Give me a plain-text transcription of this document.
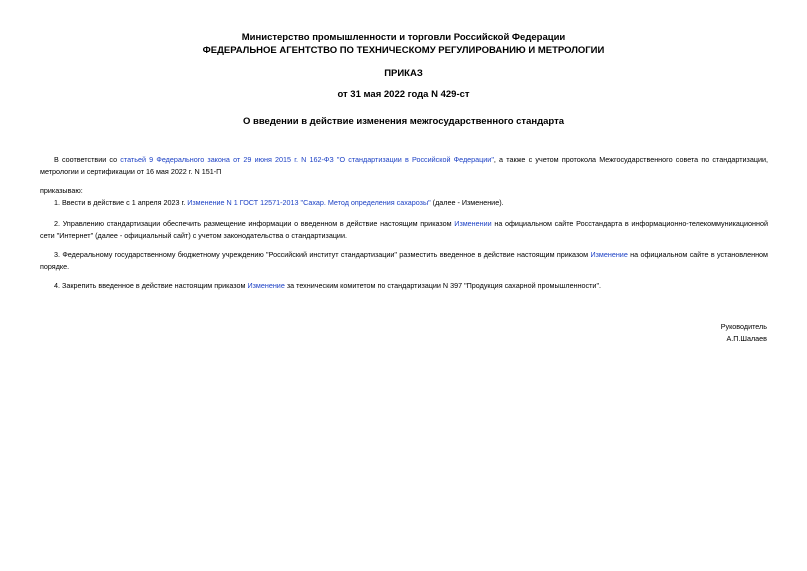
Министерство промышленности и торговли Российской Федерации
ФЕДЕРАЛЬНОЕ АГЕНТСТВО ПО ТЕХНИЧЕСКОМУ РЕГУЛИРОВАНИЮ И МЕТРОЛОГИИ
ПРИКАЗ
от 31 мая 2022 года N 429-ст
О введении в действие изменения межгосударственного стандарта
В соответствии со статьей 9 Федерального закона от 29 июня 2015 г. N 162-ФЗ "О стандартизации в Российской Федерации", а также с учетом протокола Межгосударственного совета по стандартизации, метрологии и сертификации от 16 мая 2022 г. N 151-П
приказываю:
1. Ввести в действие с 1 апреля 2023 г. Изменение N 1 ГОСТ 12571-2013 "Сахар. Метод определения сахарозы" (далее - Изменение).
2. Управлению стандартизации обеспечить размещение информации о введенном в действие настоящим приказом Изменении на официальном сайте Росстандарта в информационно-телекоммуникационной сети "Интернет" (далее - официальный сайт) с учетом законодательства о стандартизации.
3. Федеральному государственному бюджетному учреждению "Российский институт стандартизации" разместить введенное в действие настоящим приказом Изменение на официальном сайте в установленном порядке.
4. Закрепить введенное в действие настоящим приказом Изменение за техническим комитетом по стандартизации N 397 "Продукция сахарной промышленности".
Руководитель
А.П.Шалаев
